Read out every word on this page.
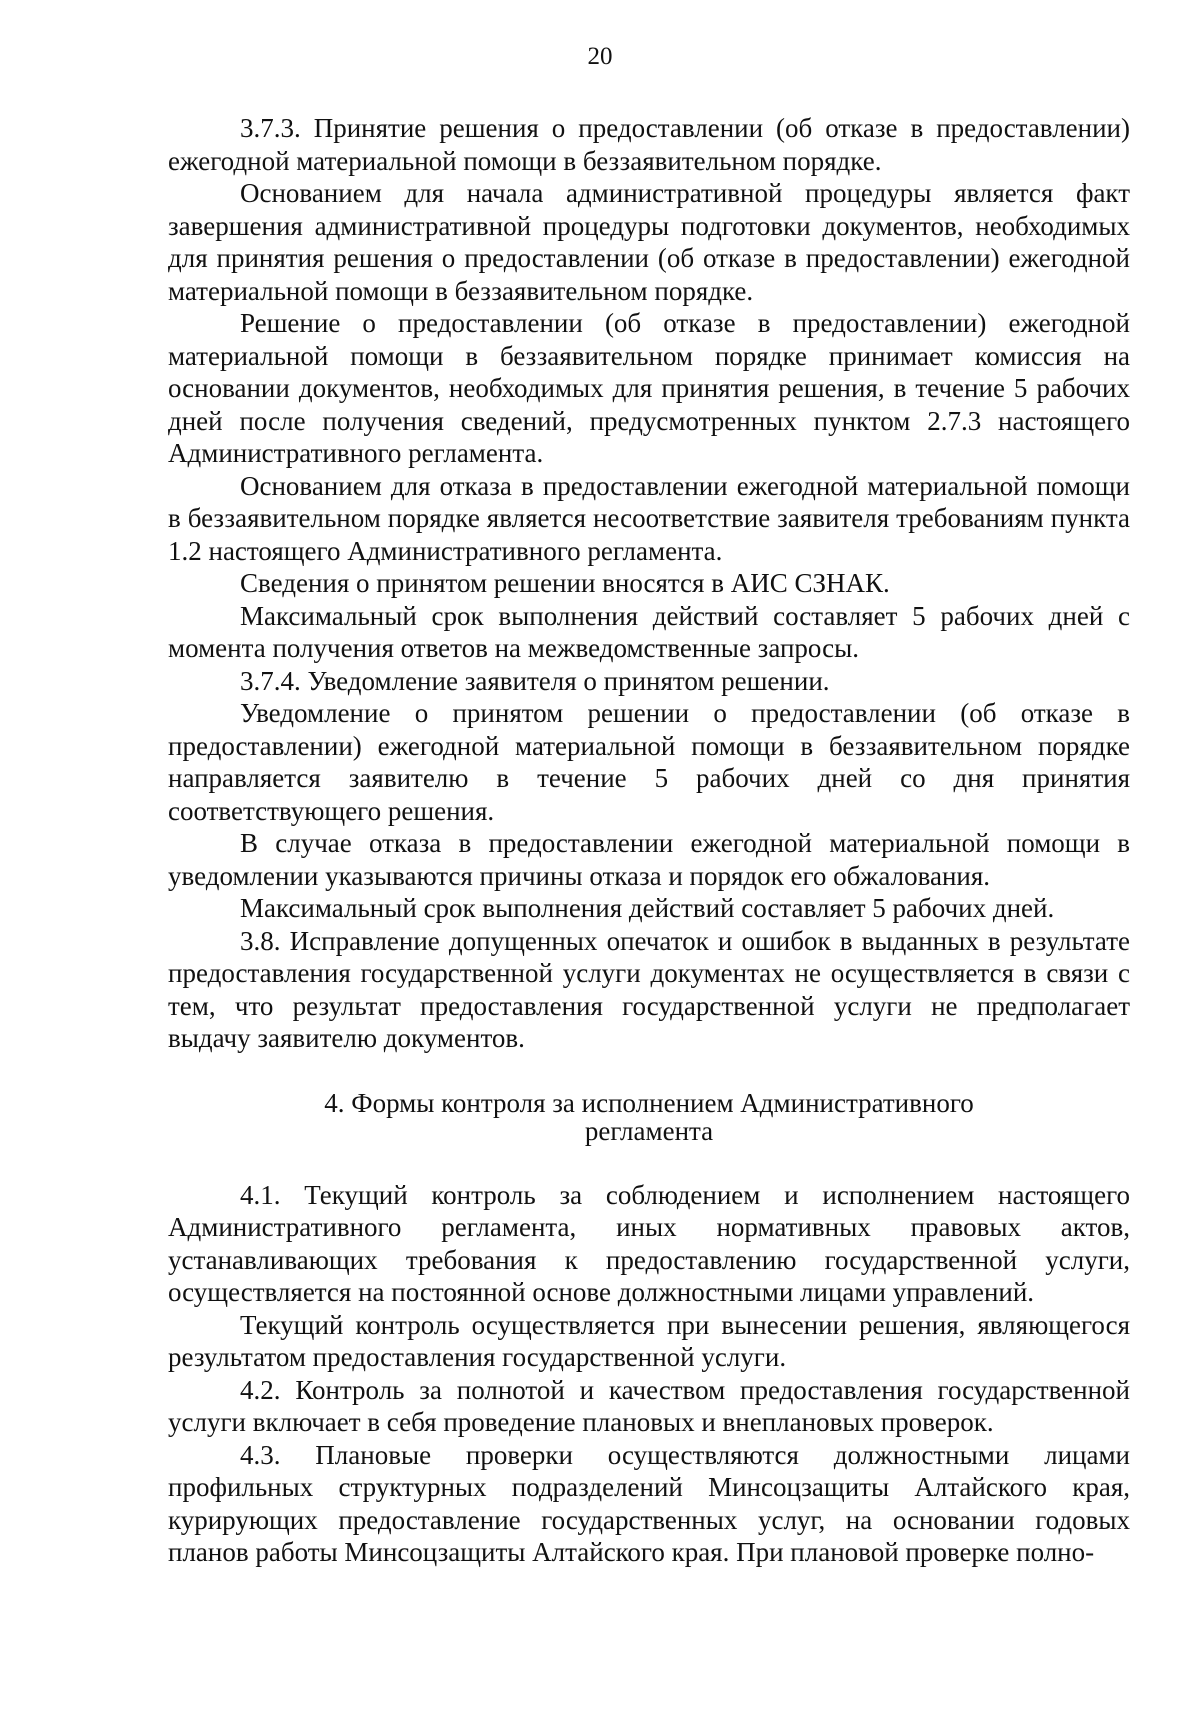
20

3.7.3. Принятие решения о предоставлении (об отказе в предоставлении) ежегодной материальной помощи в беззаявительном порядке.

Основанием для начала административной процедуры является факт завершения административной процедуры подготовки документов, необходимых для принятия решения о предоставлении (об отказе в предоставлении) ежегодной материальной помощи в беззаявительном порядке.

Решение о предоставлении (об отказе в предоставлении) ежегодной материальной помощи в беззаявительном порядке принимает комиссия на основании документов, необходимых для принятия решения, в течение 5 рабочих дней после получения сведений, предусмотренных пунктом 2.7.3 настоящего Административного регламента.

Основанием для отказа в предоставлении ежегодной материальной помощи в беззаявительном порядке является несоответствие заявителя требованиям пункта 1.2 настоящего Административного регламента.

Сведения о принятом решении вносятся в АИС СЗНАК.

Максимальный срок выполнения действий составляет 5 рабочих дней с момента получения ответов на межведомственные запросы.

3.7.4. Уведомление заявителя о принятом решении.

Уведомление о принятом решении о предоставлении (об отказе в предоставлении) ежегодной материальной помощи в беззаявительном порядке направляется заявителю в течение 5 рабочих дней со дня принятия соответствующего решения.

В случае отказа в предоставлении ежегодной материальной помощи в уведомлении указываются причины отказа и порядок его обжалования.

Максимальный срок выполнения действий составляет 5 рабочих дней.

3.8. Исправление допущенных опечаток и ошибок в выданных в результате предоставления государственной услуги документах не осуществляется в связи с тем, что результат предоставления государственной услуги не предполагает выдачу заявителю документов.

4. Формы контроля за исполнением Административного
регламента

4.1. Текущий контроль за соблюдением и исполнением настоящего Административного регламента, иных нормативных правовых актов, устанавливающих требования к предоставлению государственной услуги, осуществляется на постоянной основе должностными лицами управлений.

Текущий контроль осуществляется при вынесении решения, являющегося результатом предоставления государственной услуги.

4.2. Контроль за полнотой и качеством предоставления государственной услуги включает в себя проведение плановых и внеплановых проверок.

4.3. Плановые проверки осуществляются должностными лицами профильных структурных подразделений Минсоцзащиты Алтайского края, курирующих предоставление государственных услуг, на основании годовых планов работы Минсоцзащиты Алтайского края. При плановой проверке полно-
